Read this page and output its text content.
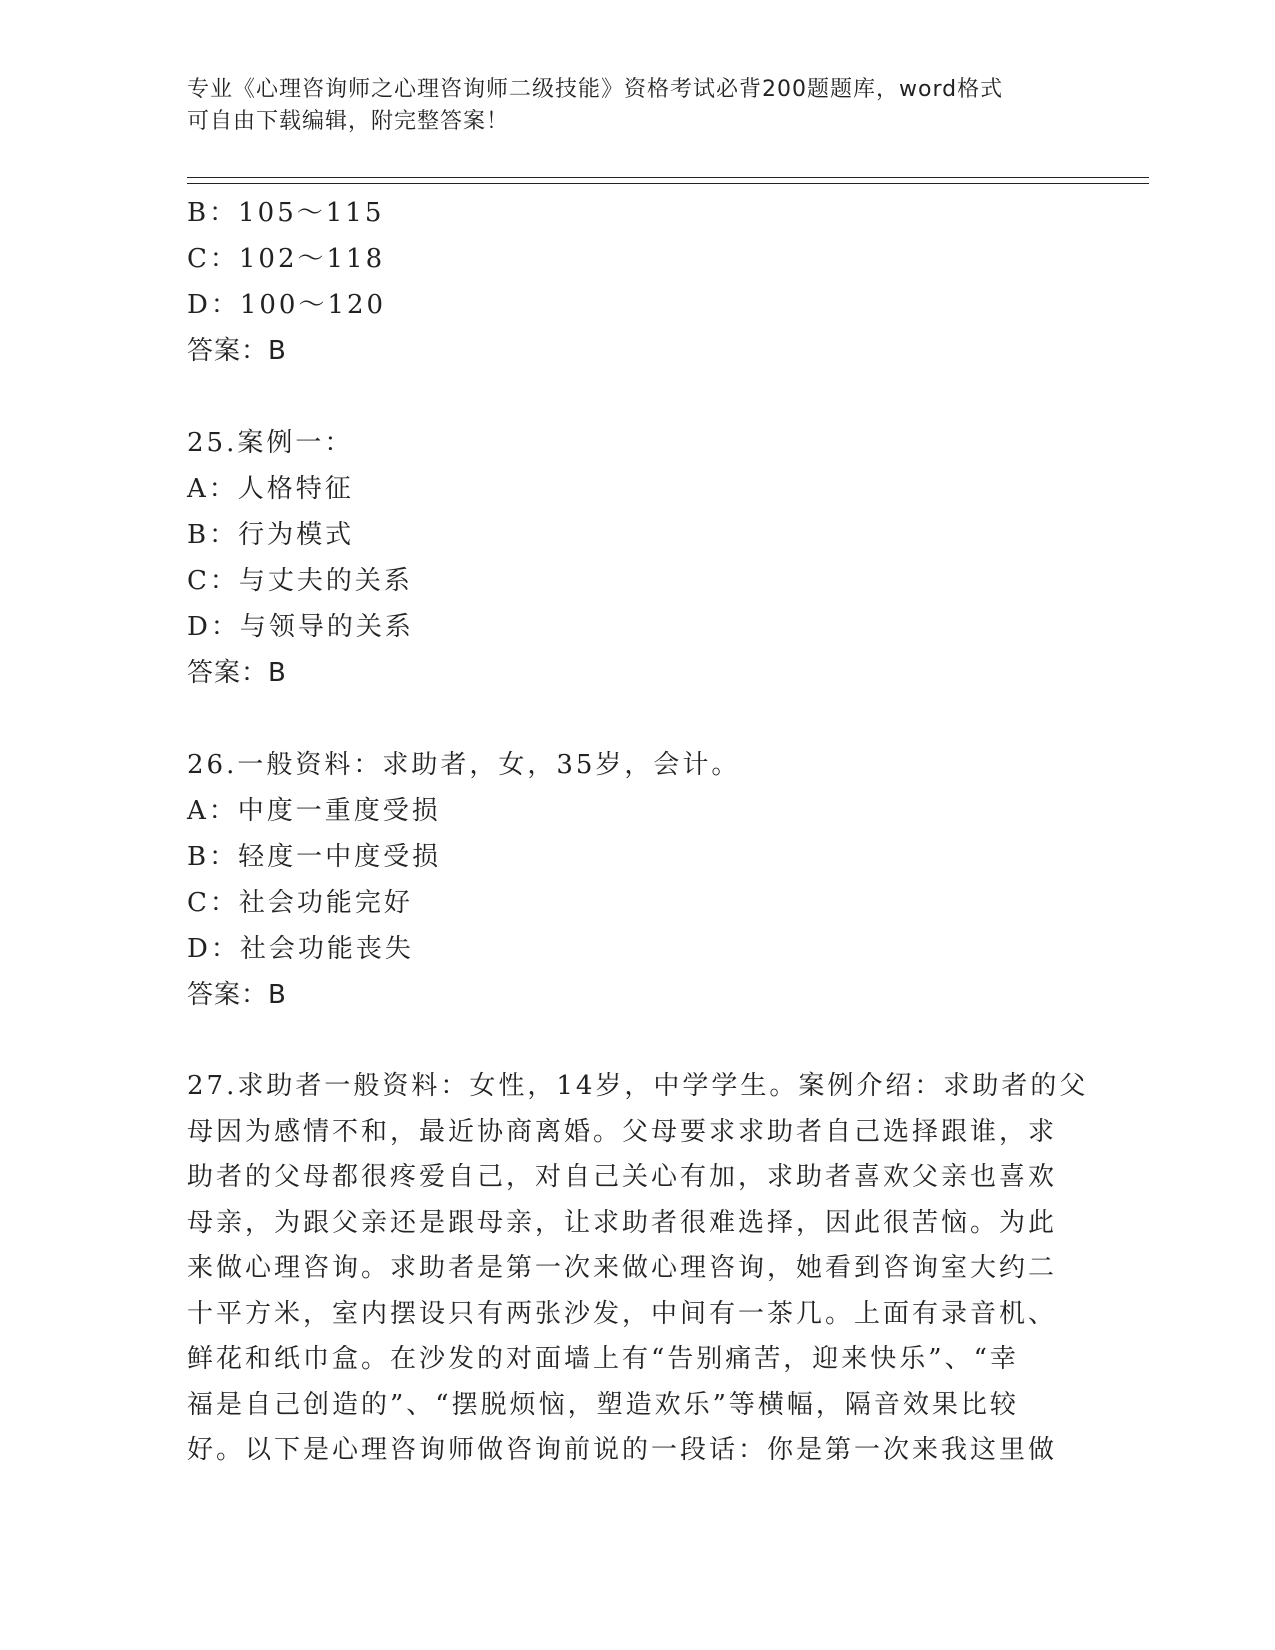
专业《心理咨询师之心理咨询师二级技能》资格考试必背200题题库，word格式
可自由下载编辑，附完整答案！
B：105～115
C：102～118
D：100～120
答案：B
25.案例一：
A：人格特征
B：行为模式
C：与丈夫的关系
D：与领导的关系
答案：B
26.一般资料：求助者，女，35岁，会计。
A：中度一重度受损
B：轻度一中度受损
C：社会功能完好
D：社会功能丧失
答案：B
27.求助者一般资料：女性，14岁，中学学生。案例介绍：求助者的父
母因为感情不和，最近协商离婚。父母要求求助者自己选择跟谁，求
助者的父母都很疼爱自己，对自己关心有加，求助者喜欢父亲也喜欢
母亲，为跟父亲还是跟母亲，让求助者很难选择，因此很苦恼。为此
来做心理咨询。求助者是第一次来做心理咨询，她看到咨询室大约二
十平方米，室内摆设只有两张沙发，中间有一茶几。上面有录音机、
鲜花和纸巾盒。在沙发的对面墙上有“告别痛苦，迎来快乐”、“幸
福是自己创造的”、“摆脱烦恼，塑造欢乐”等横幅，隔音效果比较
好。以下是心理咨询师做咨询前说的一段话：你是第一次来我这里做
